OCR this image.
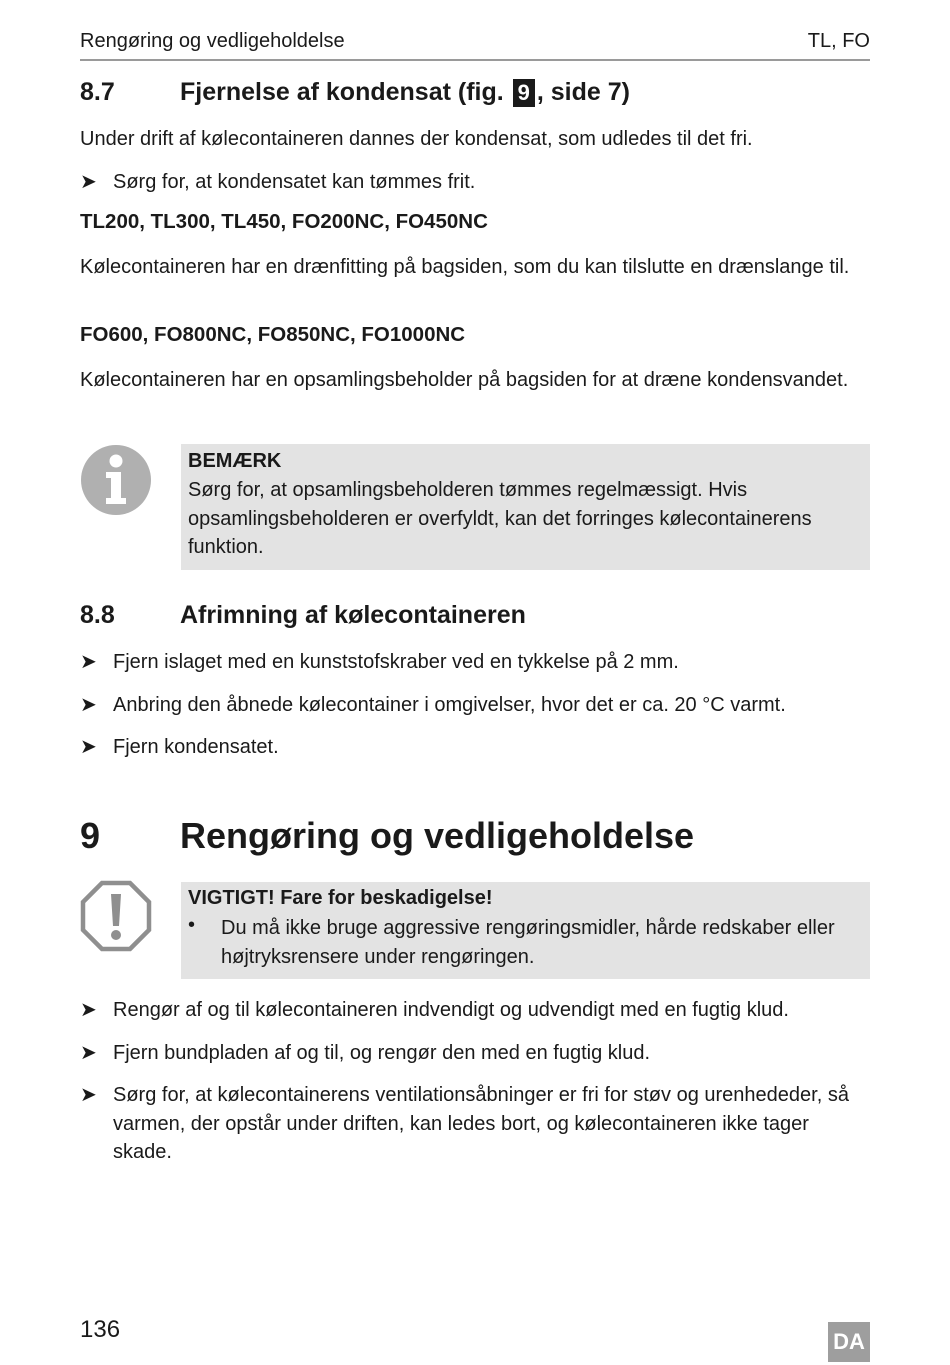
Rengøring og vedligeholdelse	TL, FO
8.7	Fjernelse af kondensat (fig. 9 , side 7)
Under drift af kølecontaineren dannes der kondensat, som udledes til det fri.
➤ Sørg for, at kondensatet kan tømmes frit.
TL200, TL300, TL450, FO200NC, FO450NC
Kølecontaineren har en drænfitting på bagsiden, som du kan tilslutte en drænslange til.
FO600, FO800NC, FO850NC, FO1000NC
Kølecontaineren har en opsamlingsbeholder på bagsiden for at dræne kondensvandet.
BEMÆRK
Sørg for, at opsamlingsbeholderen tømmes regelmæssigt. Hvis opsamlingsbeholderen er overfyldt, kan det forringes kølecontainerens funktion.
8.8	Afrimning af kølecontaineren
➤ Fjern islaget med en kunststofskraber ved en tykkelse på 2 mm.
➤ Anbring den åbnede kølecontainer i omgivelser, hvor det er ca. 20 °C varmt.
➤ Fjern kondensatet.
9 Rengøring og vedligeholdelse
VIGTIGT! Fare for beskadigelse!
• Du må ikke bruge aggressive rengøringsmidler, hårde redskaber eller højtryksrensere under rengøringen.
➤ Rengør af og til kølecontaineren indvendigt og udvendigt med en fugtig klud.
➤ Fjern bundpladen af og til, og rengør den med en fugtig klud.
➤ Sørg for, at kølecontainerens ventilationsåbninger er fri for støv og urenhededer, så varmen, der opstår under driften, kan ledes bort, og kølecontaineren ikke tager skade.
136	DA
